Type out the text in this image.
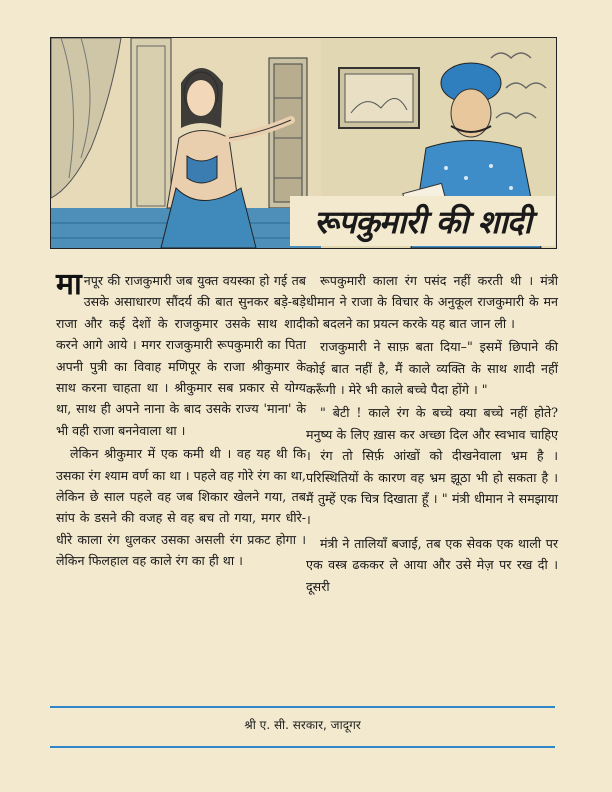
रूपकुमारी की शादी

मानपूर की राजकुमारी जब युक्त वयस्का हो गई तब उसके असाधारण सौंदर्य की बात सुनकर बड़े-बड़े राजा और कई देशों के राजकुमार उसके साथ शादी करने आगे आये । मगर राजकुमारी रूपकुमारी का पिता अपनी पुत्री का विवाह मणिपूर के राजा श्रीकुमार के साथ करना चाहता था । श्रीकुमार सब प्रकार से योग्य था, साथ ही अपने नाना के बाद उसके राज्य 'माना' के भी वही राजा बननेवाला था ।

लेकिन श्रीकुमार में एक कमी थी । वह यह थी कि उसका रंग श्याम वर्ण का था । पहले वह गोरे रंग का था, लेकिन छे साल पहले वह जब शिकार खेलने गया, तब सांप के डसने की वजह से वह बच तो गया, मगर धीरे-धीरे काला रंग धुलकर उसका असली रंग प्रकट होगा । लेकिन फिलहाल वह काले रंग का ही था ।

रूपकुमारी काला रंग पसंद नहीं करती थी । मंत्री धीमान ने राजा के विचार के अनुकूल राजकुमारी के मन को बदलने का प्रयत्न करके यह बात जान ली ।

राजकुमारी ने साफ़ बता दिया–" इसमें छिपाने की कोई बात नहीं है, मैं काले व्यक्ति के साथ शादी नहीं करूँगी । मेरे भी काले बच्चे पैदा होंगे । "

" बेटी ! काले रंग के बच्चे क्या बच्चे नहीं होते? मनुष्य के लिए ख़ास कर अच्छा दिल और स्वभाव चाहिए । रंग तो सिर्फ़ आंखों को दीखनेवाला भ्रम है । परिस्थितियों के कारण वह भ्रम झूठा भी हो सकता है । मैं तुम्हें एक चित्र दिखाता हूँ । " मंत्री धीमान ने समझाया ।

मंत्री ने तालियाँ बजाई, तब एक सेवक एक थाली पर एक वस्त्र ढककर ले आया और उसे मेज़ पर रख दी । दूसरी

श्री ए. सी. सरकार, जादूगर
